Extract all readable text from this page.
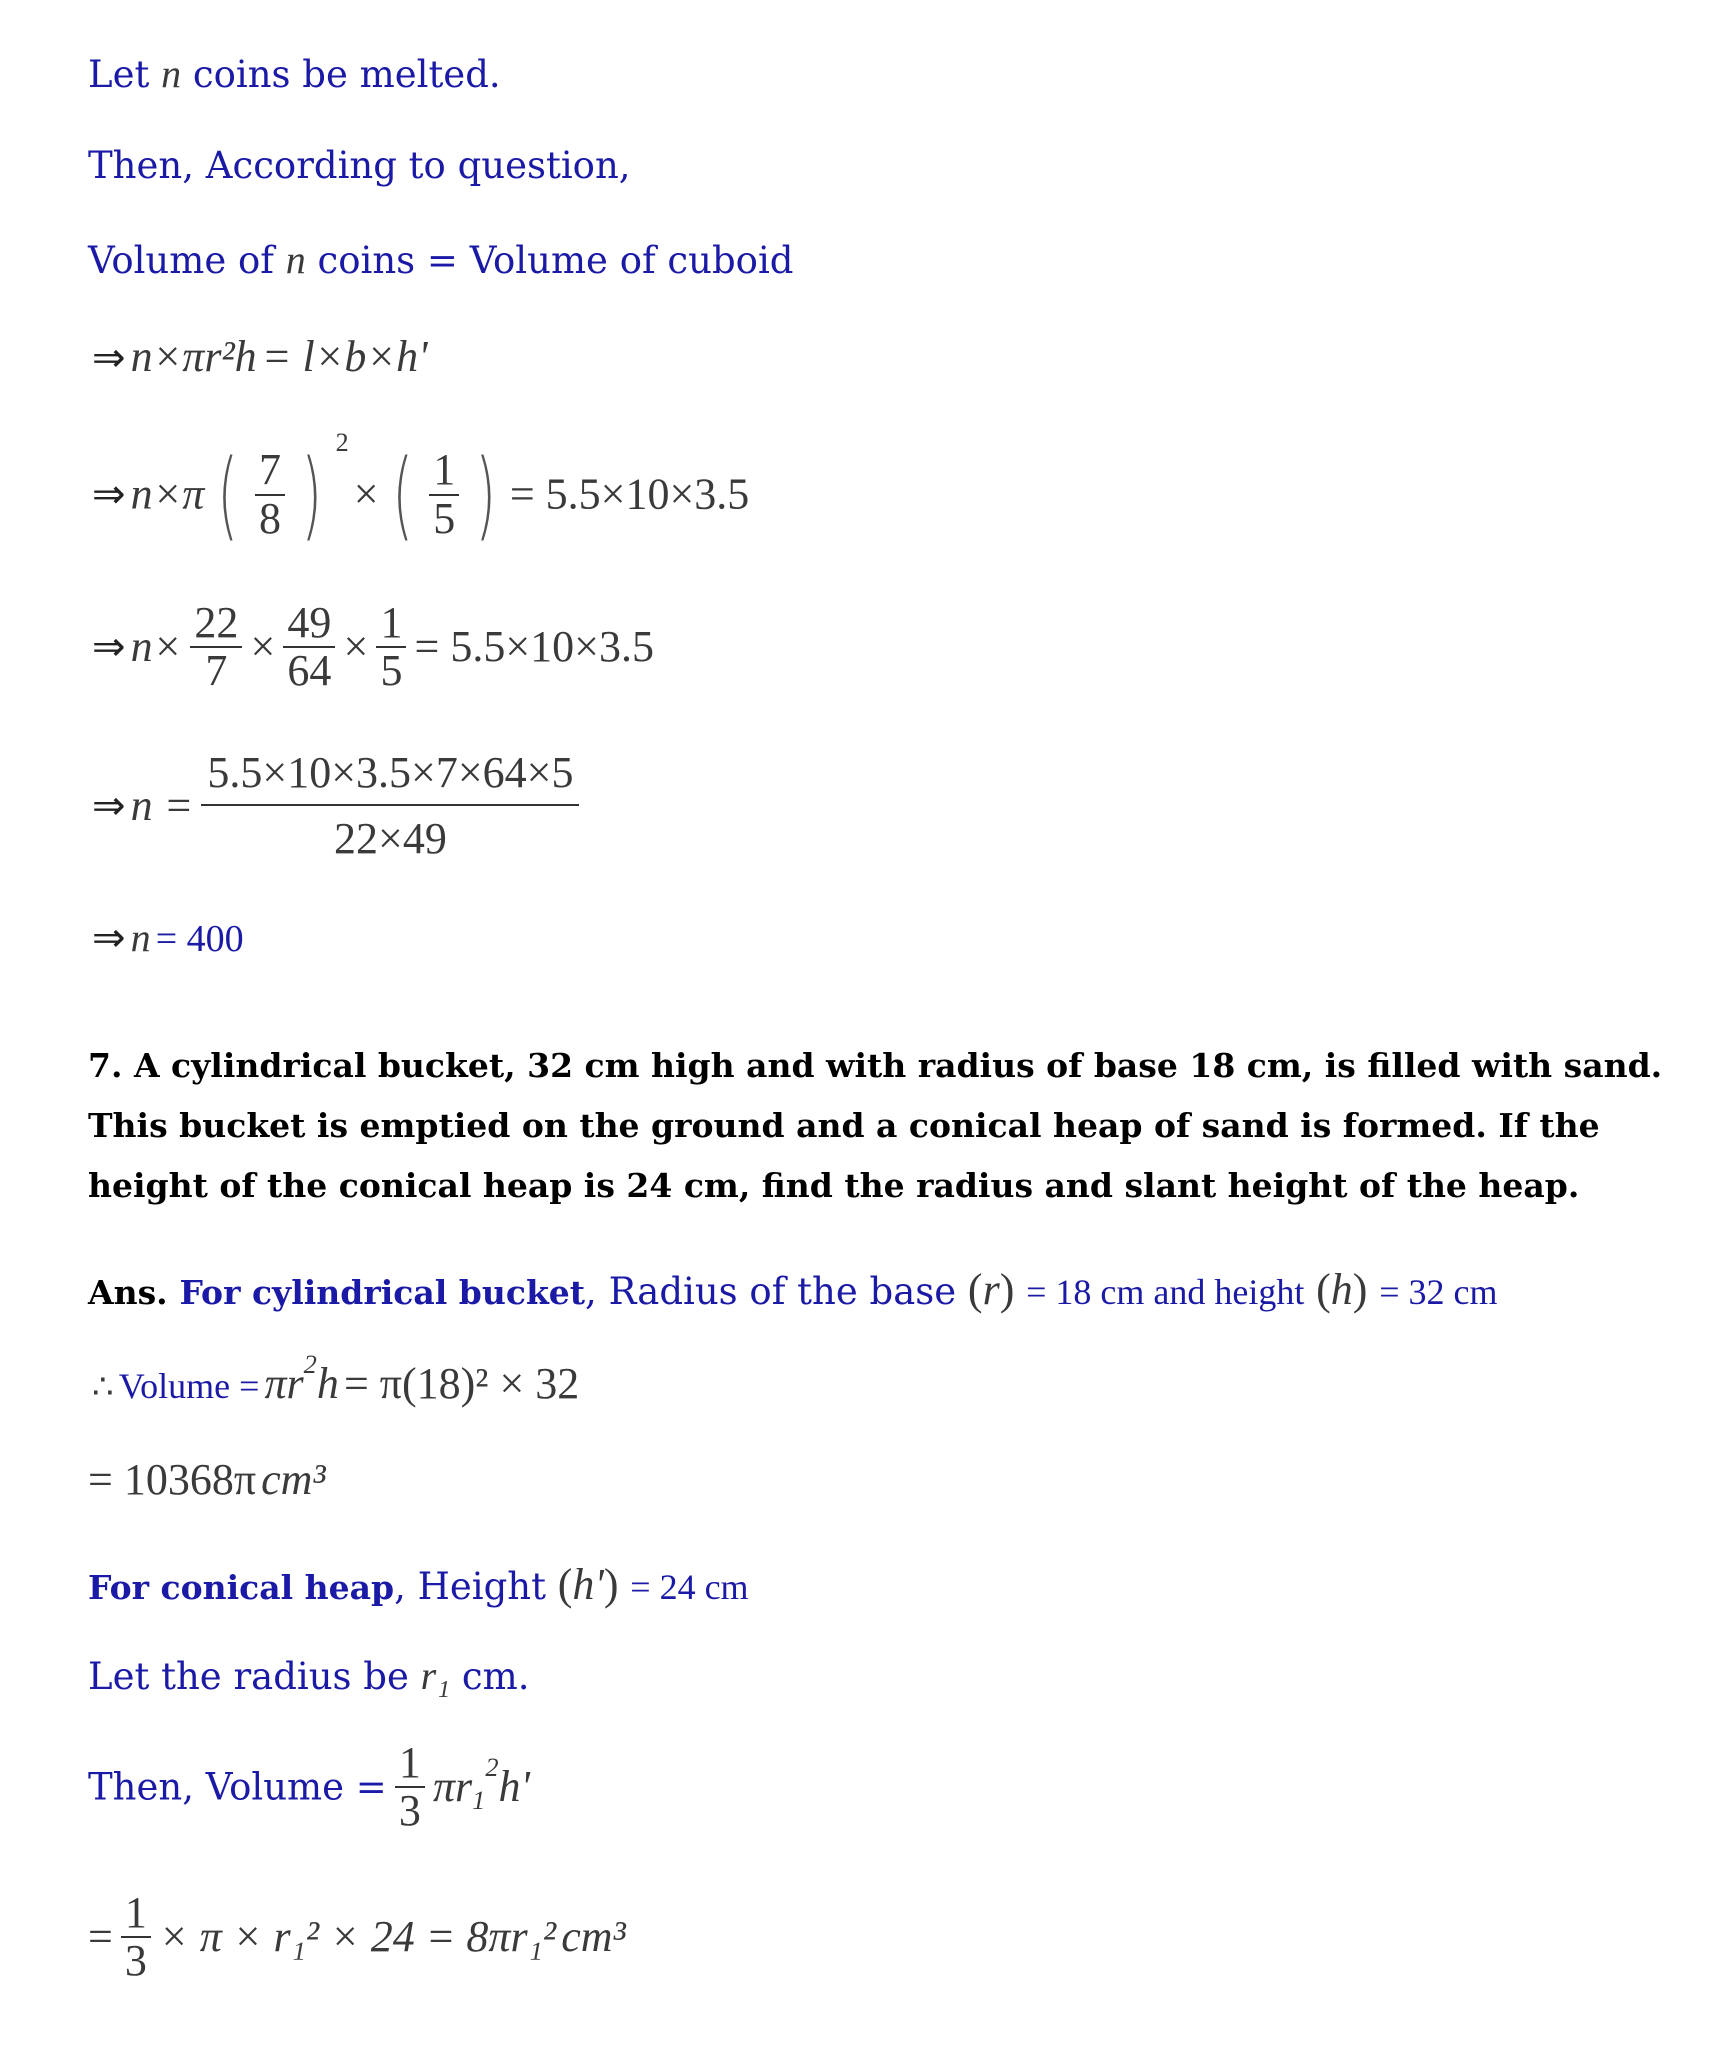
Let n coins be melted.
Then, According to question,
Volume of n coins = Volume of cuboid
⇒ n×πr²h = l×b×h'
⇒ n×π ( $\frac{7}{8}$ ) 2 × ( $\frac{1}{5}$ ) = 5.5×10×3.5
⇒ $n\times \frac{22}{7} \times \frac{49}{64} \times \frac{1}{5} = 5.5\times 10\times 3.5$
⇒ $n = \frac{5.5\times 10\times 3.5\times 7\times 64\times 5}{22\times 49}$
⇒ n = 400
7. A cylindrical bucket, 32 cm high and with radius of base 18 cm, is filled with sand. This bucket is emptied on the ground and a conical heap of sand is formed. If the height of the conical heap is 24 cm, find the radius and slant height of the heap.
Ans. For cylindrical bucket, Radius of the base (r) = 18 cm and height (h) = 32 cm
∴ Volume = $\pi r^2h = \pi(18)^2 \times 32$
= 10368π cm³
For conical heap, Height (h') = 24 cm
Let the radius be r₁ cm.
Then, Volume = $\frac{1}{3} \pi r_1^2h'$
= $\frac{1}{3} \times \pi \times r_1^2 \times 24 = 8\pi r_1^2$ cm³
